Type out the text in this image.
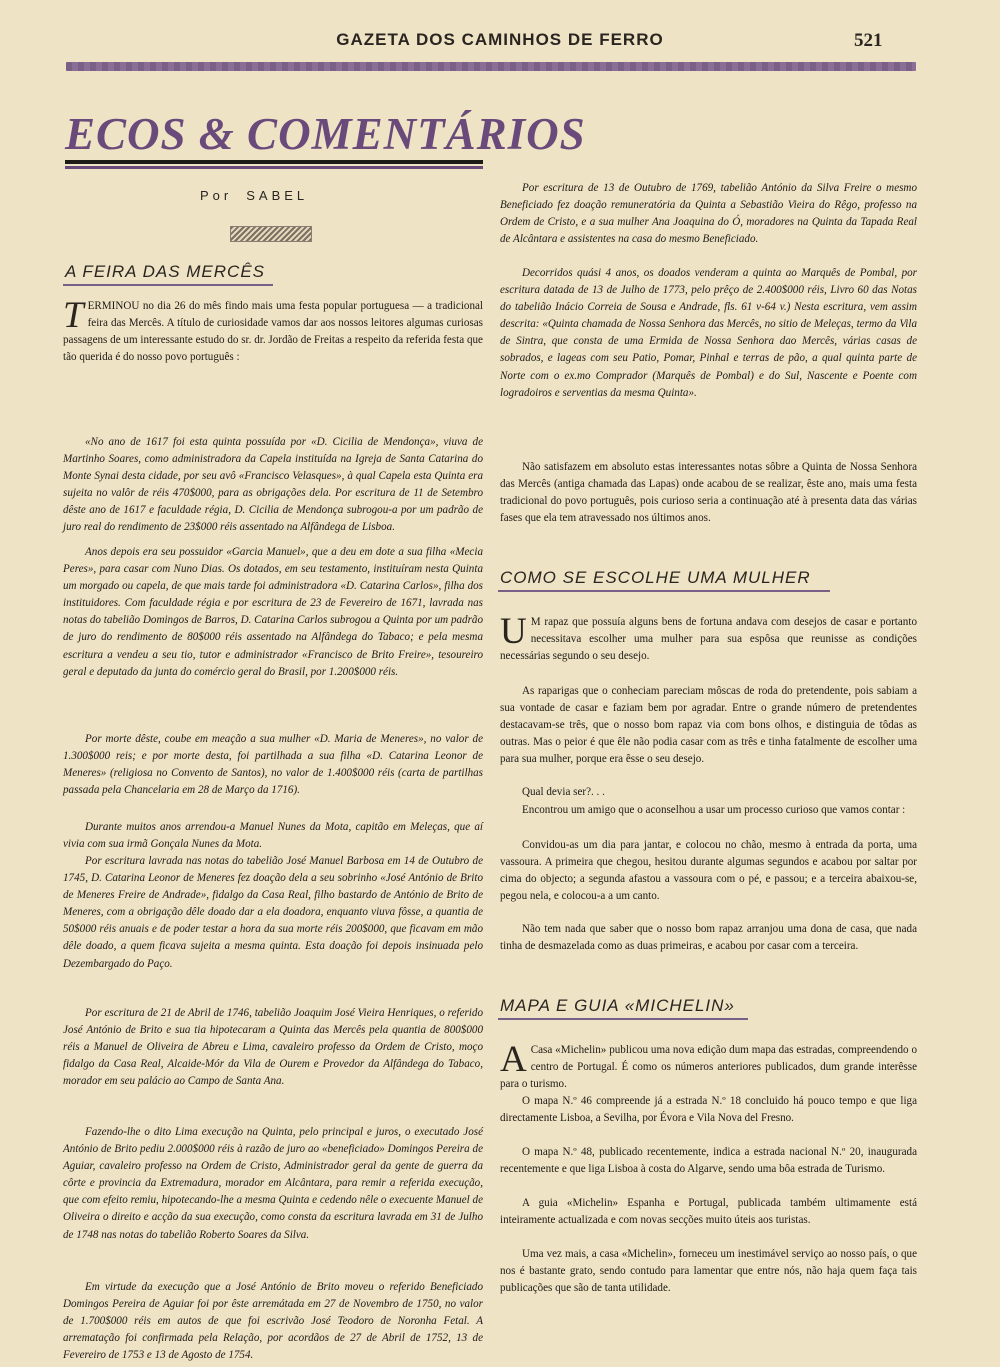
GAZETA DOS CAMINHOS DE FERRO	521
ECOS & COMENTÁRIOS
Por SABEL
A FEIRA DAS MERCÊS

TERMINOU no dia 26 do mês findo mais uma festa popular portuguesa — a tradicional feira das Mercês. A título de curiosidade vamos dar aos nossos leitores algumas curiosas passagens de um interessante estudo do sr. dr. Jordão de Freitas a respeito da referida festa que tão querida é do nosso povo português :

«No ano de 1617 foi esta quinta possuída por «D. Cicilia de Mendonça», viuva de Martinho Soares, como administradora da Capela instituída na Igreja de Santa Catarina do Monte Synai desta cidade, por seu avô «Francisco Velasques», à qual Capela esta Quinta era sujeita no valôr de réis 470$000, para as obrigações dela. Por escritura de 11 de Setembro dêste ano de 1617 e faculdade régia, D. Cicilia de Mendonça subrogou-a por um padrão de juro real do rendimento de 23$000 réis assentado na Alfândega de Lisboa.

Anos depois era seu possuidor «Garcia Manuel», que a deu em dote a sua filha «Mecia Peres», para casar com Nuno Dias. Os dotados, em seu testamento, instituíram nesta Quinta um morgado ou capela, de que mais tarde foi administradora «D. Catarina Carlos», filha dos instituidores. Com faculdade régia e por escritura de 23 de Fevereiro de 1671, lavrada nas notas do tabelião Domingos de Barros, D. Catarina Carlos subrogou a Quinta por um padrão de juro do rendimento de 80$000 réis assentado na Alfândega do Tabaco; e pela mesma escritura a vendeu a seu tio, tutor e administrador «Francisco de Brito Freire», tesoureiro geral e deputado da junta do comércio geral do Brasil, por 1.200$000 réis.

Por morte dêste, coube em meação a sua mulher «D. Maria de Meneres», no valor de 1.300$000 reis; e por morte desta, foi partilhada a sua filha «D. Catarina Leonor de Meneres» (religiosa no Convento de Santos), no valor de 1.400$000 réis (carta de partilhas passada pela Chancelaria em 28 de Março da 1716).

Durante muitos anos arrendou-a Manuel Nunes da Mota, capitão em Meleças, que aí vivia com sua irmã Gonçala Nunes da Mota.

Por escritura lavrada nas notas do tabelião José Manuel Barbosa em 14 de Outubro de 1745, D. Catarina Leonor de Meneres fez doação dela a seu sobrinho «José António de Brito de Meneres Freire de Andrade», fidalgo da Casa Real, filho bastardo de António de Brito de Meneres, com a obrigação dêle doado dar a ela doadora, enquanto viuva fôsse, a quantia de 50$000 réis anuais e de poder testar a hora da sua morte réis 200$000, que ficavam em mão dêle doado, a quem ficava sujeita a mesma quinta. Esta doação foi depois insinuada pelo Dezembargado do Paço.

Por escritura de 21 de Abril de 1746, tabelião Joaquim José Vieira Henriques, o referido José António de Brito e sua tia hipotecaram a Quinta das Mercês pela quantia de 800$000 réis a Manuel de Oliveira de Abreu e Lima, cavaleiro professo da Ordem de Cristo, moço fidalgo da Casa Real, Alcaide-Mór da Vila de Ourem e Provedor da Alfândega do Tabaco, morador em seu palácio ao Campo de Santa Ana.

Fazendo-lhe o dito Lima execução na Quinta, pelo principal e juros, o executado José António de Brito pediu 2.000$000 réis à razão de juro ao «beneficiado» Domingos Pereira de Aguiar, cavaleiro professo na Ordem de Cristo, Administrador geral da gente de guerra da côrte e provincia da Extremadura, morador em Alcântara, para remir a referida execução, que com efeito remiu, hipotecando-lhe a mesma Quinta e cedendo nêle o execuente Manuel de Oliveira o direito e acção da sua execução, como consta da escritura lavrada em 31 de Julho de 1748 nas notas do tabelião Roberto Soares da Silva.

Em virtude da execução que a José António de Brito moveu o referido Beneficiado Domingos Pereira de Aguiar foi por êste arremátada em 27 de Novembro de 1750, no valor de 1.700$000 réis em autos de que foi escrivão José Teodoro de Noronha Fetal. A arrematação foi confirmada pela Relação, por acordãos de 27 de Abril de 1752, 13 de Fevereiro de 1753 e 13 de Agosto de 1754.

Por escritura de 13 de Outubro de 1769, tabelião António da Silva Freire o mesmo Beneficiado fez doação remuneratória da Quinta a Sebastião Vieira do Rêgo, professo na Ordem de Cristo, e a sua mulher Ana Joaquina do Ó, moradores na Quinta da Tapada Real de Alcântara e assistentes na casa do mesmo Beneficiado.

Decorridos quási 4 anos, os doados venderam a quinta ao Marquês de Pombal, por escritura datada de 13 de Julho de 1773, pelo prêço de 2.400$000 réis, Livro 60 das Notas do tabelião Inácio Correia de Sousa e Andrade, fls. 61 v-64 v.) Nesta escritura, vem assim descrita: «Quinta chamada de Nossa Senhora das Mercês, no sitio de Meleças, termo da Vila de Sintra, que consta de uma Ermida de Nossa Senhora dao Mercês, várias casas de sobrados, e lageas com seu Patio, Pomar, Pinhal e terras de pão, a qual quinta parte de Norte com o ex.mo Comprador (Marquês de Pombal) e do Sul, Nascente e Poente com logradoiros e serventias da mesma Quinta».

Não satisfazem em absoluto estas interessantes notas sôbre a Quinta de Nossa Senhora das Mercês (antiga chamada das Lapas) onde acabou de se realizar, êste ano, mais uma festa tradicional do povo português, pois curioso seria a continuação até à presenta data das várias fases que ela tem atravessado nos últimos anos.

COMO SE ESCOLHE UMA MULHER

U M rapaz que possuía alguns bens de fortuna andava com desejos de casar e portanto necessitava escolher uma mulher para sua espôsa que reunisse as condições necessárias segundo o seu desejo.

As raparigas que o conheciam pareciam môscas de roda do pretendente, pois sabiam a sua vontade de casar e faziam bem por agradar. Entre o grande número de pretendentes destacavam-se três, que o nosso bom rapaz via com bons olhos, e distinguia de tôdas as outras. Mas o peior é que êle não podia casar com as três e tinha fatalmente de escolher uma para sua mulher, porque era êsse o seu desejo.

Qual devia ser?. . .

Encontrou um amigo que o aconselhou a usar um processo curioso que vamos contar :

Convidou-as um dia para jantar, e colocou no chão, mesmo à entrada da porta, uma vassoura. A primeira que chegou, hesitou durante algumas segundos e acabou por saltar por cima do objecto; a segunda afastou a vassoura com o pé, e passou; e a terceira abaixou-se, pegou nela, e colocou-a a um canto.

Não tem nada que saber que o nosso bom rapaz arranjou uma dona de casa, que nada tinha de desmazelada como as duas primeiras, e acabou por casar com a terceira.

MAPA E GUIA «MICHELIN»

A Casa «Michelin» publicou uma nova edição dum mapa das estradas, compreendendo o centro de Portugal. É como os números anteriores publicados, dum grande interêsse para o turismo.

O mapa N.º 46 compreende já a estrada N.º 18 concluido há pouco tempo e que liga directamente Lisboa, a Sevilha, por Évora e Vila Nova del Fresno.

O mapa N.º 48, publicado recentemente, indica a estrada nacional N.º 20, inaugurada recentemente e que liga Lisboa à costa do Algarve, sendo uma bôa estrada de Turismo.

A guia «Michelin» Espanha e Portugal, publicada também ultimamente está inteiramente actualizada e com novas secções muito úteis aos turistas.

Uma vez mais, a casa «Michelin», forneceu um inestimável serviço ao nosso país, o que nos é bastante grato, sendo contudo para lamentar que entre nós, não haja quem faça tais publicações que são de tanta utilidade.
